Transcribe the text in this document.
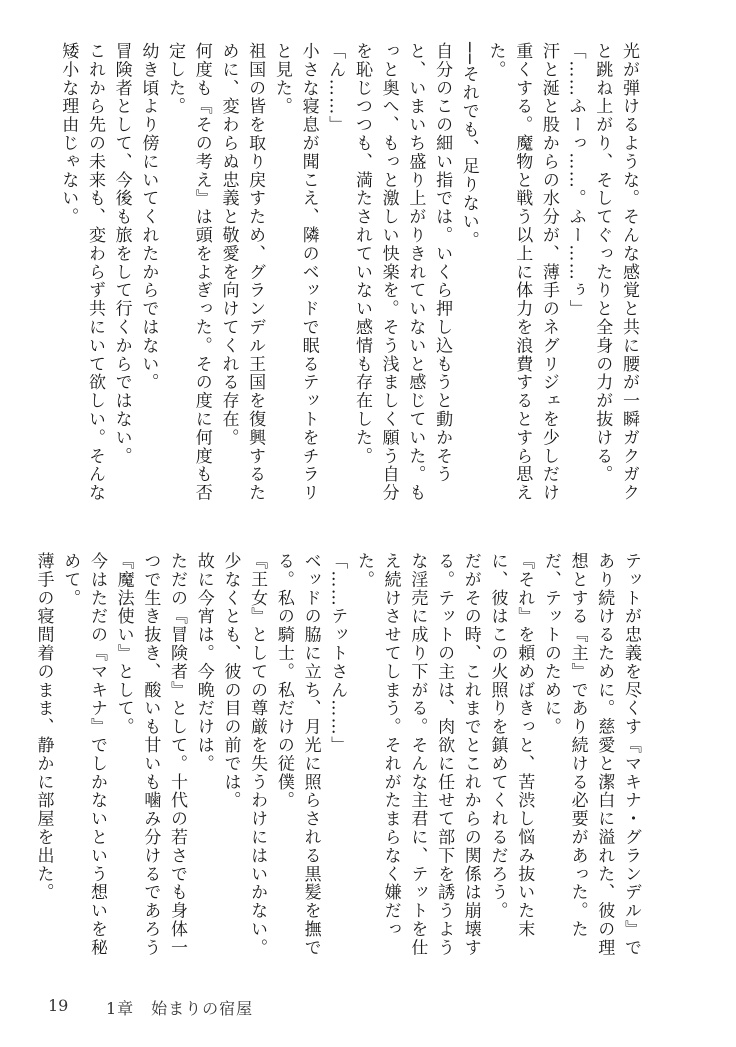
光が弾けるような。そんな感覚と共に腰が一瞬ガクガクと跳ね上がり、そしてぐったりと全身の力が抜ける。

「……ふーっ……。ふー……ぅ」

汗と涎と股からの水分が、薄手のネグリジェを少しだけ重くする。魔物と戦う以上に体力を浪費するとすら思えた。

──それでも、足りない。

自分のこの細い指では。いくら押し込もうと動かそうと、いまいち盛り上がりきれていないと感じていた。もっと奥へ、もっと激しい快楽を。そう浅ましく願う自分を恥じつつも、満たされていない感情も存在した。

「ん……」

小さな寝息が聞こえ、隣のベッドで眠るテットをチラリと見た。

祖国の皆を取り戻すため、グランデル王国を復興するために、変わらぬ忠義と敬愛を向けてくれる存在。

何度も『その考え』は頭をよぎった。その度に何度も否定した。

幼き頃より傍にいてくれたからではない。

冒険者として、今後も旅をして行くからではない。

これから先の未来も、変わらず共にいて欲しい。そんな矮小な理由じゃない。

テットが忠義を尽くす『マキナ・グランデル』であり続けるために。慈愛と潔白に溢れた、彼の理想とする『主』であり続ける必要があった。ただ、テットのために。

『それ』を頼めばきっと、苦渋し悩み抜いた末に、彼はこの火照りを鎮めてくれるだろう。

だがその時、これまでとこれからの関係は崩壊する。テットの主は、肉欲に任せて部下を誘うような淫売に成り下がる。そんな主君に、テットを仕え続けさせてしまう。それがたまらなく嫌だった。

「……テットさん……」

ベッドの脇に立ち、月光に照らされる黒髪を撫でる。私の騎士。私だけの従僕。

『王女』としての尊厳を失うわけにはいかない。少なくとも、彼の目の前では。

故に今宵は。今晩だけは。

ただの『冒険者』として。十代の若さでも身体一つで生き抜き、酸いも甘いも噛み分けるであろう『魔法使い』として。

今はただの『マキナ』でしかないという想いを秘めて。

薄手の寝間着のまま、静かに部屋を出た。

19 1章　始まりの宿屋
